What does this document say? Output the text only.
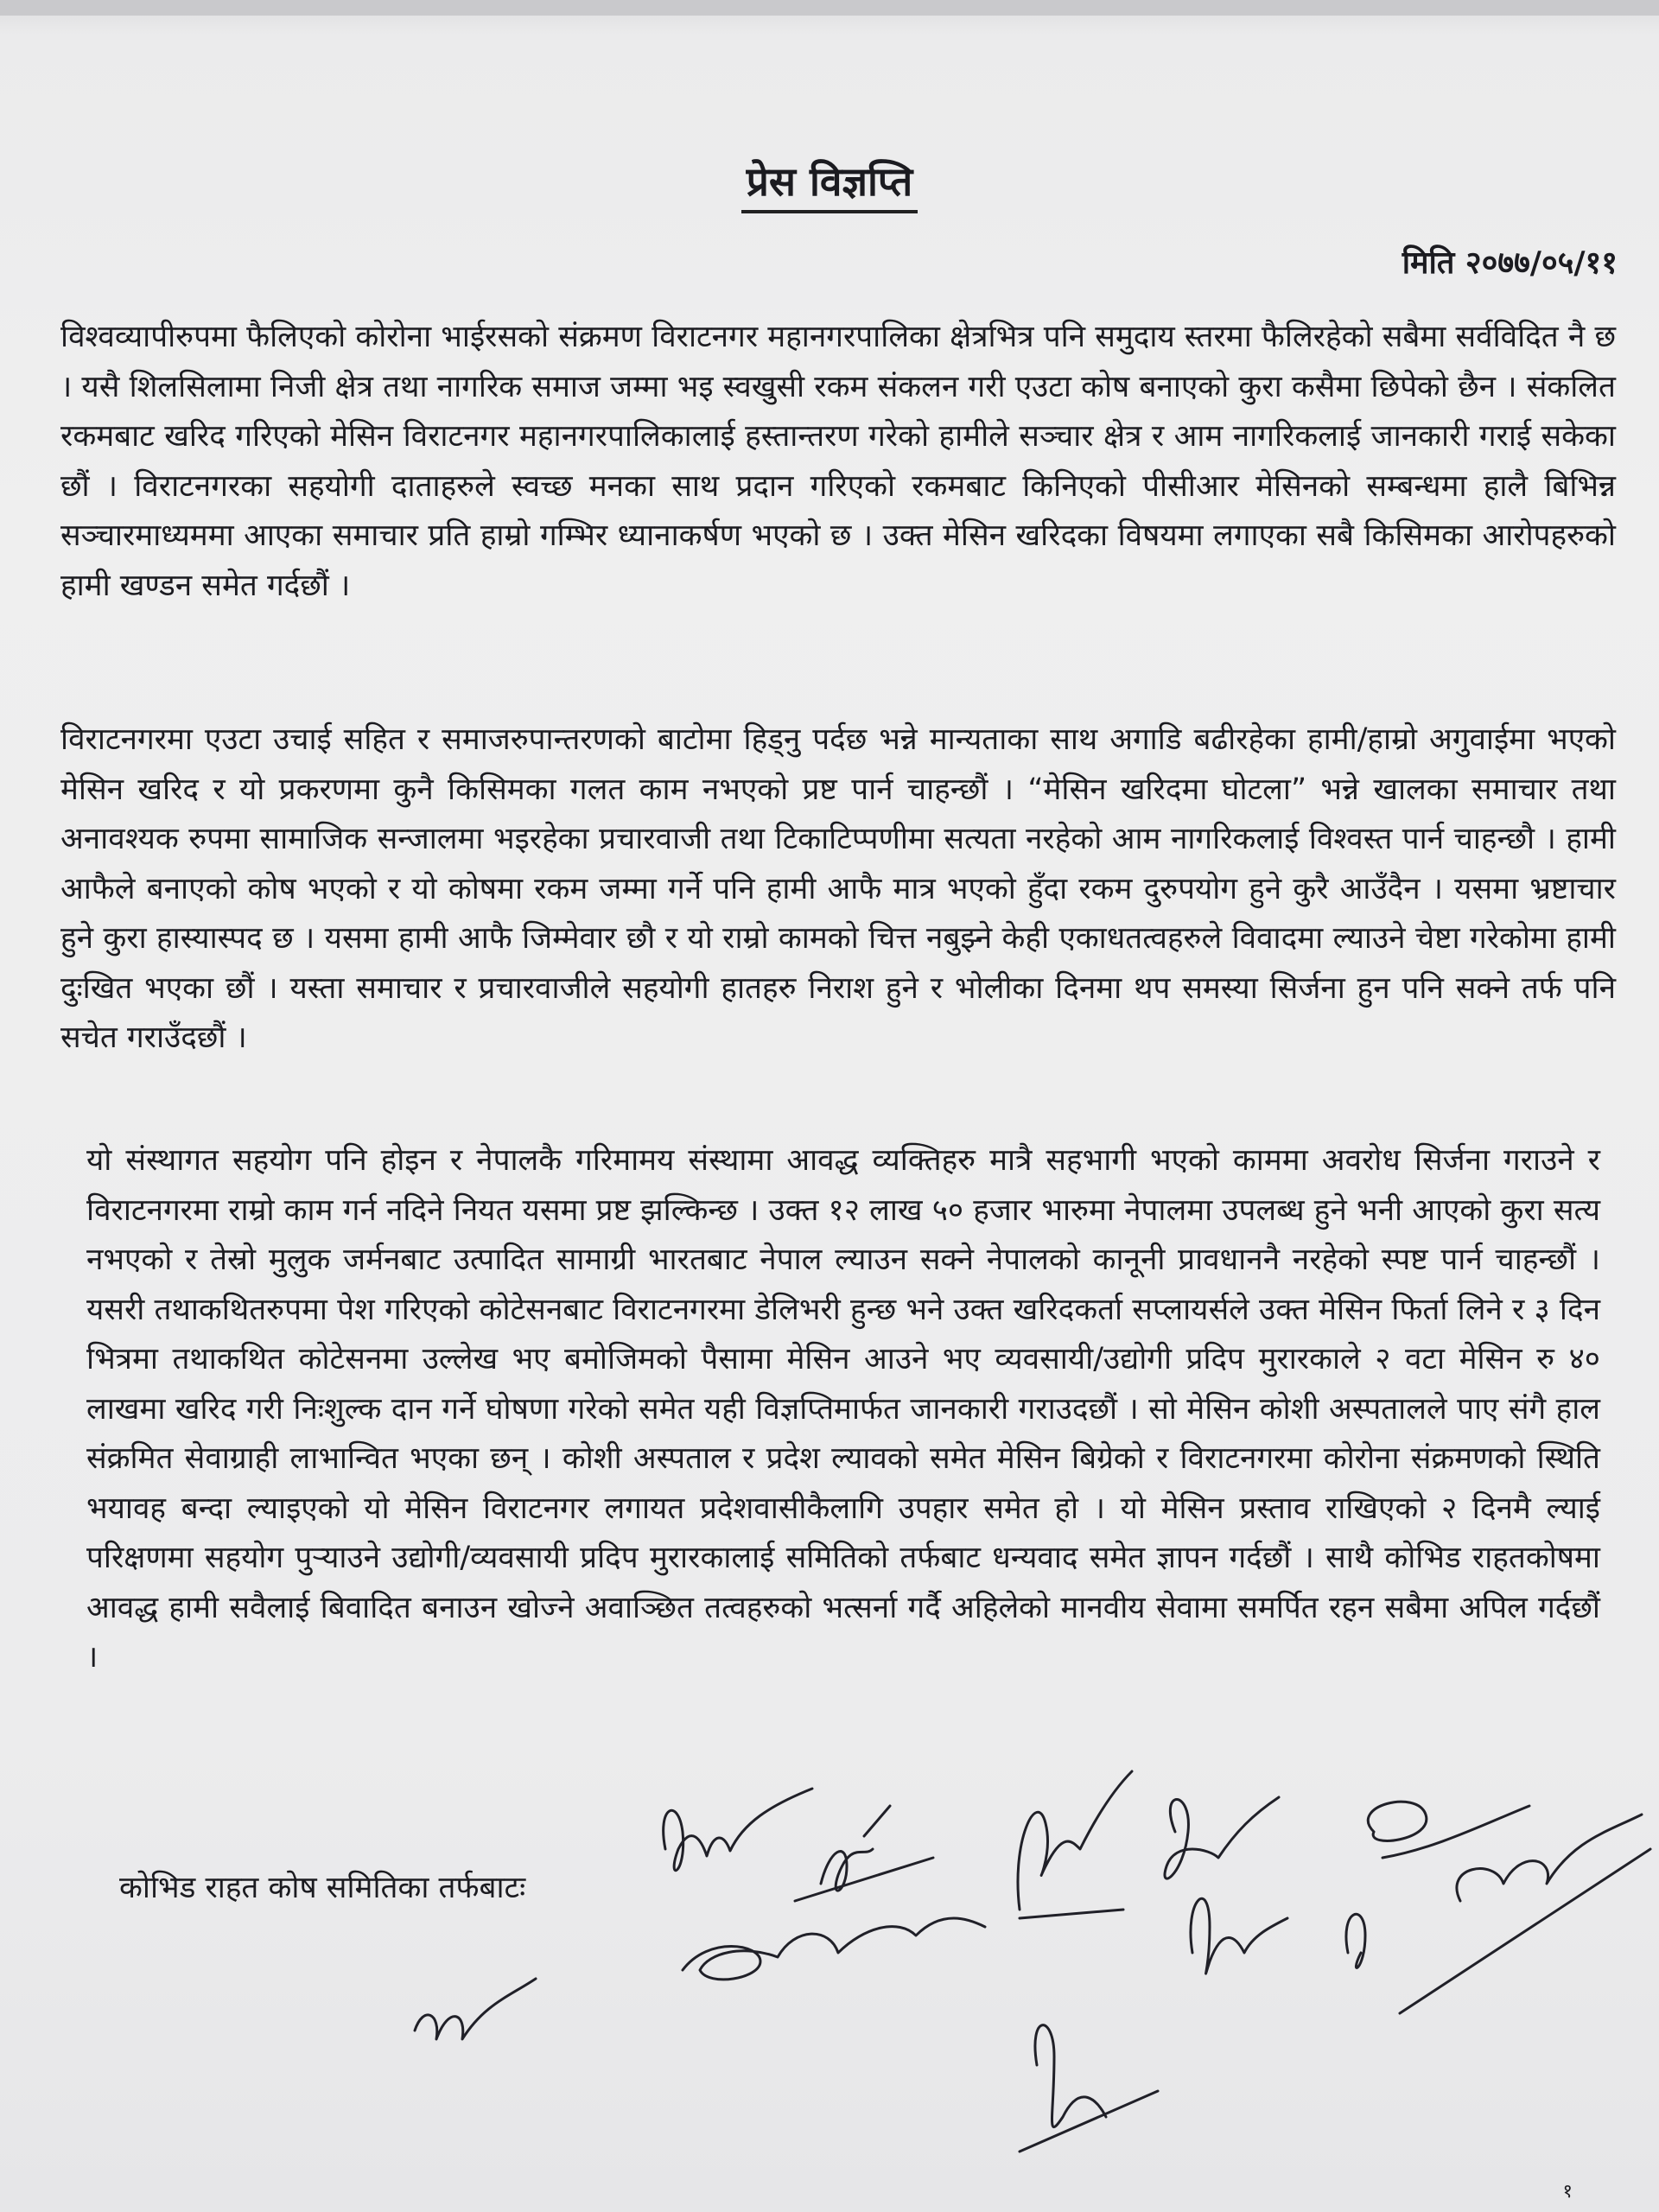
प्रेस विज्ञप्ति
मिति २०७७/०५/११

विश्वव्यापीरुपमा फैलिएको कोरोना भाईरसको संक्रमण विराटनगर महानगरपालिका क्षेत्रभित्र पनि समुदाय स्तरमा फैलिरहेको सबैमा सर्वविदित नै छ । यसै शिलसिलामा निजी क्षेत्र तथा नागरिक समाज जम्मा भइ स्वखुसी रकम संकलन गरी एउटा कोष बनाएको कुरा कसैमा छिपेको छैन । संकलित रकमबाट खरिद गरिएको मेसिन विराटनगर महानगरपालिकालाई हस्तान्तरण गरेको हामीले सञ्चार क्षेत्र र आम नागरिकलाई जानकारी गराई सकेका छौं । विराटनगरका सहयोगी दाताहरुले स्वच्छ मनका साथ प्रदान गरिएको रकमबाट किनिएको पीसीआर मेसिनको सम्बन्धमा हालै बिभिन्न सञ्चारमाध्यममा आएका समाचार प्रति हाम्रो गम्भिर ध्यानाकर्षण भएको छ । उक्त मेसिन खरिदका विषयमा लगाएका सबै किसिमका आरोपहरुको हामी खण्डन समेत गर्दछौं ।

विराटनगरमा एउटा उचाई सहित र समाजरुपान्तरणको बाटोमा हिड्नु पर्दछ भन्ने मान्यताका साथ अगाडि बढीरहेका हामी/हाम्रो अगुवाईमा भएको मेसिन खरिद र यो प्रकरणमा कुनै किसिमका गलत काम नभएको प्रष्ट पार्न चाहन्छौं । “मेसिन खरिदमा घोटला” भन्ने खालका समाचार तथा अनावश्यक रुपमा सामाजिक सन्जालमा भइरहेका प्रचारवाजी तथा टिकाटिप्पणीमा सत्यता नरहेको आम नागरिकलाई विश्वस्त पार्न चाहन्छौ । हामी आफैले बनाएको कोष भएको र यो कोषमा रकम जम्मा गर्ने पनि हामी आफै मात्र भएको हुँदा रकम दुरुपयोग हुने कुरै आउँदैन । यसमा भ्रष्टाचार हुने कुरा हास्यास्पद छ । यसमा हामी आफै जिम्मेवार छौ र यो राम्रो कामको चित्त नबुझ्ने केही एकाधतत्वहरुले विवादमा ल्याउने चेष्टा गरेकोमा हामी दुःखित भएका छौं । यस्ता समाचार र प्रचारवाजीले सहयोगी हातहरु निराश हुने र भोलीका दिनमा थप समस्या सिर्जना हुन पनि सक्ने तर्फ पनि सचेत गराउँदछौं ।

यो संस्थागत सहयोग पनि होइन र नेपालकै गरिमामय संस्थामा आवद्ध व्यक्तिहरु मात्रै सहभागी भएको काममा अवरोध सिर्जना गराउने र विराटनगरमा राम्रो काम गर्न नदिने नियत यसमा प्रष्ट झल्किन्छ । उक्त १२ लाख ५० हजार भारुमा नेपालमा उपलब्ध हुने भनी आएको कुरा सत्य नभएको र तेस्रो मुलुक जर्मनबाट उत्पादित सामाग्री भारतबाट नेपाल ल्याउन सक्ने नेपालको कानूनी प्रावधाननै नरहेको स्पष्ट पार्न चाहन्छौं । यसरी तथाकथितरुपमा पेश गरिएको कोटेसनबाट विराटनगरमा डेलिभरी हुन्छ भने उक्त खरिदकर्ता सप्लायर्सले उक्त मेसिन फिर्ता लिने र ३ दिन भित्रमा तथाकथित कोटेसनमा उल्लेख भए बमोजिमको पैसामा मेसिन आउने भए व्यवसायी/उद्योगी प्रदिप मुरारकाले २ वटा मेसिन रु ४० लाखमा खरिद गरी निःशुल्क दान गर्ने घोषणा गरेको समेत यही विज्ञप्तिमार्फत जानकारी गराउदछौं । सो मेसिन कोशी अस्पतालले पाए संगै हाल संक्रमित सेवाग्राही लाभान्वित भएका छन् । कोशी अस्पताल र प्रदेश ल्यावको समेत मेसिन बिग्रेको र विराटनगरमा कोरोना संक्रमणको स्थिति भयावह बन्दा ल्याइएको यो मेसिन विराटनगर लगायत प्रदेशवासीकैलागि उपहार समेत हो । यो मेसिन प्रस्ताव राखिएको २ दिनमै ल्याई परिक्षणमा सहयोग पुर्‍याउने उद्योगी/व्यवसायी प्रदिप मुरारकालाई समितिको तर्फबाट धन्यवाद समेत ज्ञापन गर्दछौं । साथै कोभिड राहतकोषमा आवद्ध हामी सवैलाई बिवादित बनाउन खोज्ने अवाञ्छित तत्वहरुको भत्सर्ना गर्दै अहिलेको मानवीय सेवामा समर्पित रहन सबैमा अपिल गर्दछौं ।

कोभिड राहत कोष समितिका तर्फबाटः
१
